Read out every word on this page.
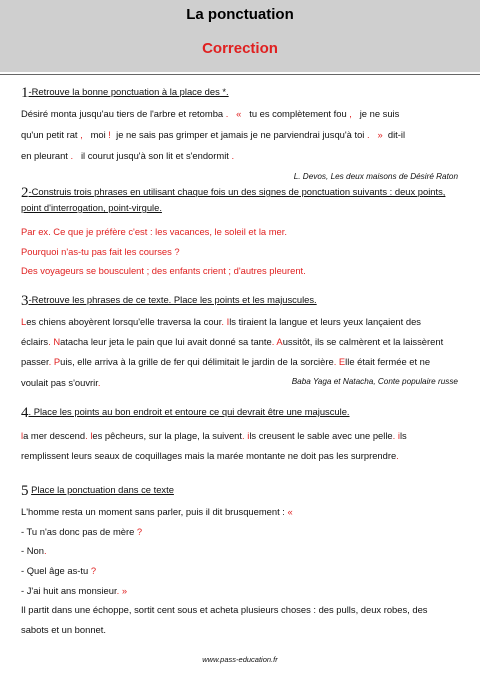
La ponctuation
Correction
1-Retrouve la bonne ponctuation à la place des *.
Désiré monta jusqu'au tiers de l'arbre et retomba . « tu es complètement fou , je ne suis
qu'un petit rat , moi ! je ne sais pas grimper et jamais je ne parviendrai jusqu'à toi . » dit-il
en pleurant . il courut jusqu'à son lit et s'endormit .
L. Devos, Les deux maisons de Désiré Raton
2-Construis trois phrases en utilisant chaque fois un des signes de ponctuation suivants : deux points,
point d'interrogation, point-virgule.
Par ex. Ce que je préfère c'est : les vacances, le soleil et la mer.
Pourquoi n'as-tu pas fait les courses ?
Des voyageurs se bousculent ; des enfants crient ; d'autres pleurent.
3-Retrouve les phrases de ce texte. Place les points et les majuscules.
Les chiens aboyèrent lorsqu'elle traversa la cour. Ils tiraient la langue et leurs yeux lançaient des
éclairs. Natacha leur jeta le pain que lui avait donné sa tante. Aussitôt, ils se calmèrent et la laissèrent
passer. Puis, elle arriva à la grille de fer qui délimitait le jardin de la sorcière. Elle était fermée et ne
voulait pas s'ouvrir.	Baba Yaga et Natacha, Conte populaire russe
4. Place les points au bon endroit et entoure ce qui devrait être une majuscule.
la mer descend. les pêcheurs, sur la plage, la suivent. ils creusent le sable avec une pelle. ils
remplissent leurs seaux de coquillages mais la marée montante ne doit pas les surprendre.
5 Place la ponctuation dans ce texte
L'homme resta un moment sans parler, puis il dit brusquement : «
- Tu n'as donc pas de mère ?
- Non.
- Quel âge as-tu ?
- J'ai huit ans monsieur. »
Il partit dans une échoppe, sortit cent sous et acheta plusieurs choses : des pulls, deux robes, des
sabots et un bonnet.
www.pass-education.fr
